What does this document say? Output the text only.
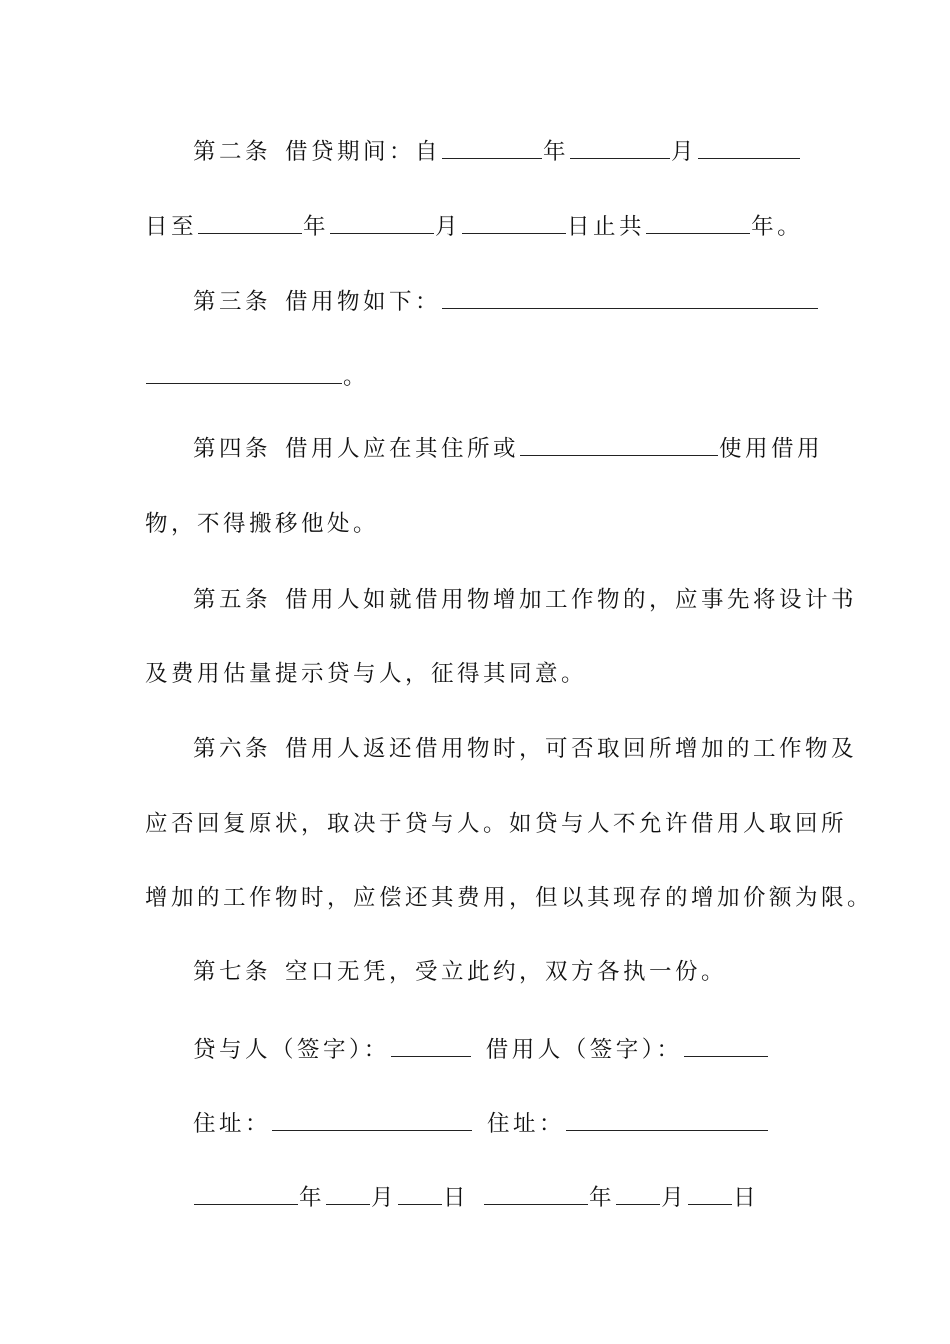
第二条 借贷期间：自	年	月
日至	年	月	日止共	年。
第三条 借用物如下：
。
第四条 借用人应在其住所或	使用借用
物，不得搬移他处。
第五条 借用人如就借用物增加工作物的，应事先将设计书
及费用估量提示贷与人，征得其同意。
第六条 借用人返还借用物时，可否取回所增加的工作物及
应否回复原状，取决于贷与人。如贷与人不允许借用人取回所
增加的工作物时，应偿还其费用，但以其现存的增加价额为限。
第七条 空口无凭，受立此约，双方各执一份。
贷与人（签字）：	借用人（签字）：
住址：	住址：
年 月 日	年 月 日
